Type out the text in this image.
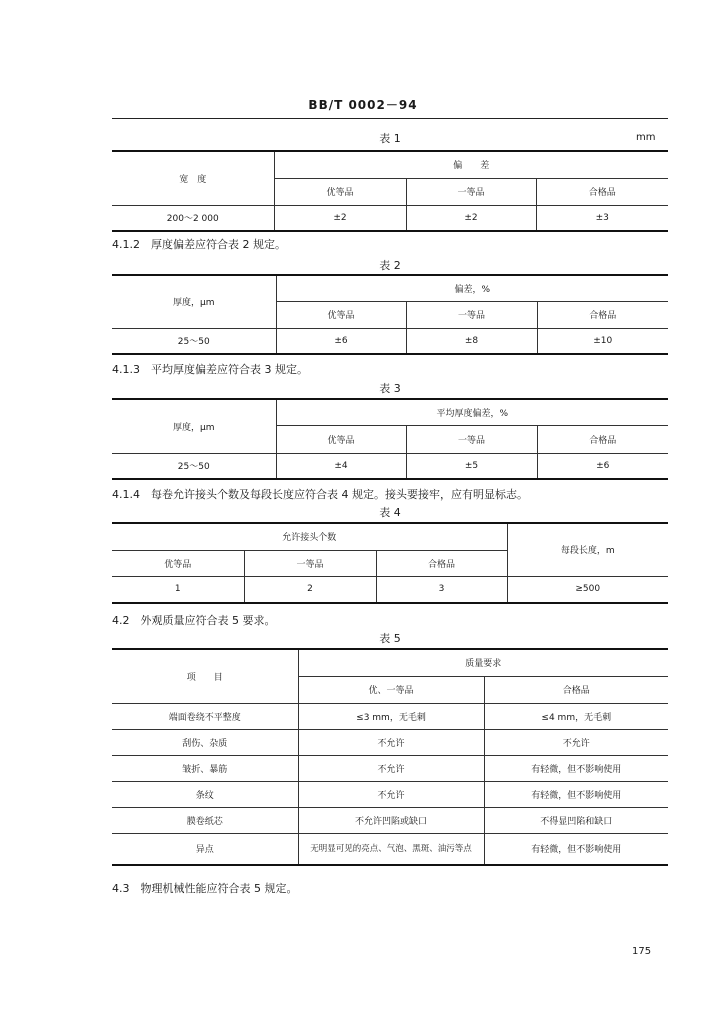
BB/T 0002－94
表 1	mm
宽　度	偏　　差		
	优等品	一等品	合格品
200～2 000	±2	±2	±3
4.1.2　厚度偏差应符合表 2 规定。
表 2
厚度，μm	偏差，%		
	优等品	一等品	合格品
25～50	±6	±8	±10
4.1.3　平均厚度偏差应符合表 3 规定。
表 3
厚度，μm	平均厚度偏差，%		
	优等品	一等品	合格品
25～50	±4	±5	±6
4.1.4　每卷允许接头个数及每段长度应符合表 4 规定。接头要接牢，应有明显标志。
表 4
允许接头个数			每段长度，m
优等品	一等品	合格品	
1	2	3	≥500
4.2　外观质量应符合表 5 要求。
表 5
项　　目	质量要求	
	优、一等品	合格品
端面卷绕不平整度	≤3 mm，无毛刺	≤4 mm，无毛刺
刮伤、杂质	不允许	不允许
皱折、暴筋	不允许	有轻微，但不影响使用
条纹	不允许	有轻微，但不影响使用
膜卷纸芯	不允许凹陷或缺口	不得显凹陷和缺口
异点	无明显可见的亮点、气泡、黑斑、油污等点	有轻微，但不影响使用
4.3　物理机械性能应符合表 5 规定。
175
